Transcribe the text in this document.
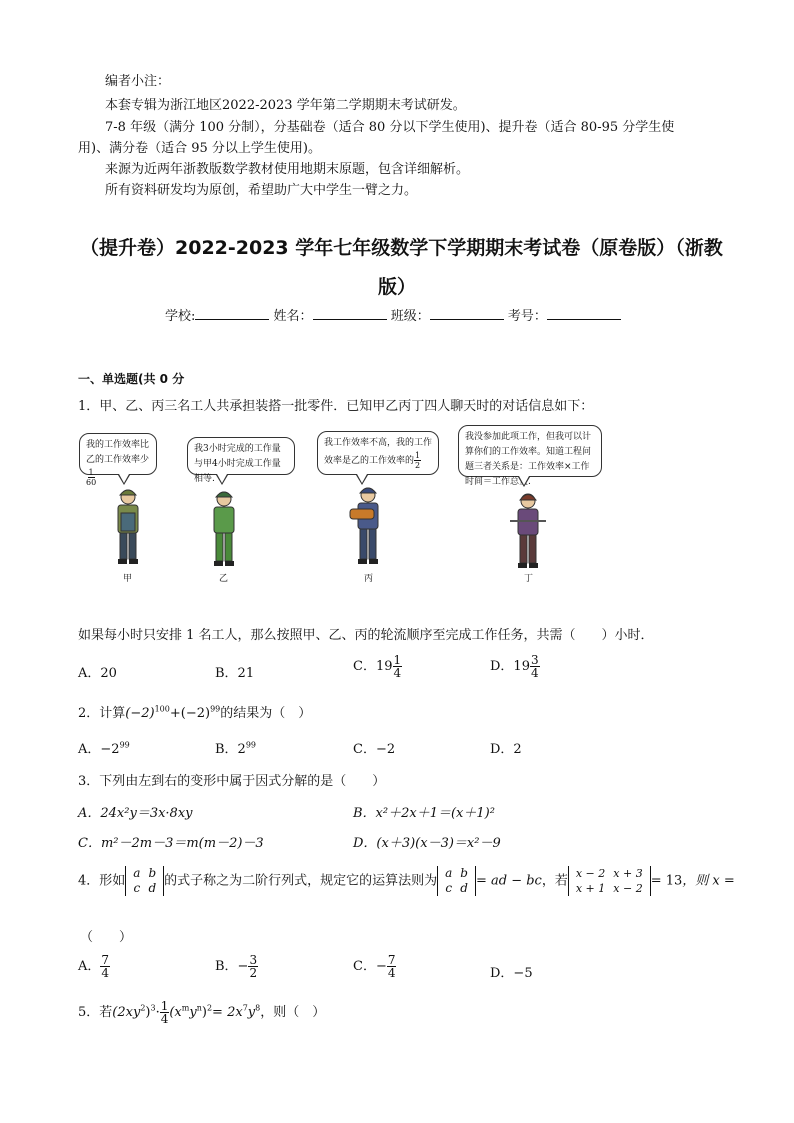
编者小注：
本套专辑为浙江地区2022-2023 学年第二学期期末考试研发。
7-8 年级（满分 100 分制），分基础卷（适合 80 分以下学生使用)、提升卷（适合 80-95 分学生使
用)、满分卷（适合 95 分以上学生使用)。
来源为近两年浙教版数学教材使用地期末原题，包含详细解析。
所有资料研发均为原创，希望助广大中学生一臂之力。
（提升卷）2022-2023 学年七年级数学下学期期末考试卷（原卷版）（浙教
版）
学校:	姓名：	班级：	考号：
一、单选题(共 0 分
1．甲、乙、丙三名工人共承担装搭一批零件．已知甲乙丙丁四人聊天时的对话信息如下：
我的工作效率比乙的工作效率少
$\frac{1}{60}$
我3小时完成的工作量与甲4小时完成工作量相等.
我工作效率不高，我的工作效率是乙的工作效率的 $\frac{1}{2}$
我没参加此项工作，但我可以计算你们的工作效率。知道工程问题三者关系是：工作效率×工作时间＝工作总量.
甲	乙	丙	丁
如果每小时只安排 1 名工人，那么按照甲、乙、丙的轮流顺序至完成工作任务，共需（　　）小时．
A．20	B．21	C．$19 \frac{1}{4}$	D．$19 \frac{3}{4}$
2．计算$(-2)^{100}+(-2)^{99}$的结果为（　）
A．$-2^{99}$	B．$2^{99}$	C．−2	D．2
3．下列由左到右的变形中属于因式分解的是（　　）
A．24x²y＝3x·8xy	B．x²＋2x＋1＝(x＋1)²
C．m²－2m－3＝m(m－2)－3	D．(x＋3)(x－3)＝x²－9
4．形如
a	b
c	d 的式子称之为二阶行列式，规定它的运算法则为
a	b
c	d = ad − bc，若 x − 2	x + 3
x + 1	x − 2 = 13，则 x =
（　　）
A． $\frac{7}{4}$	B．− $\frac{3}{2}$	C．− $\frac{7}{4}$	D．−5
5．若$(2xy^2)^3\cdot \frac{1}{4} (x^my^n)^2= 2x^7y^8$，则（　）
